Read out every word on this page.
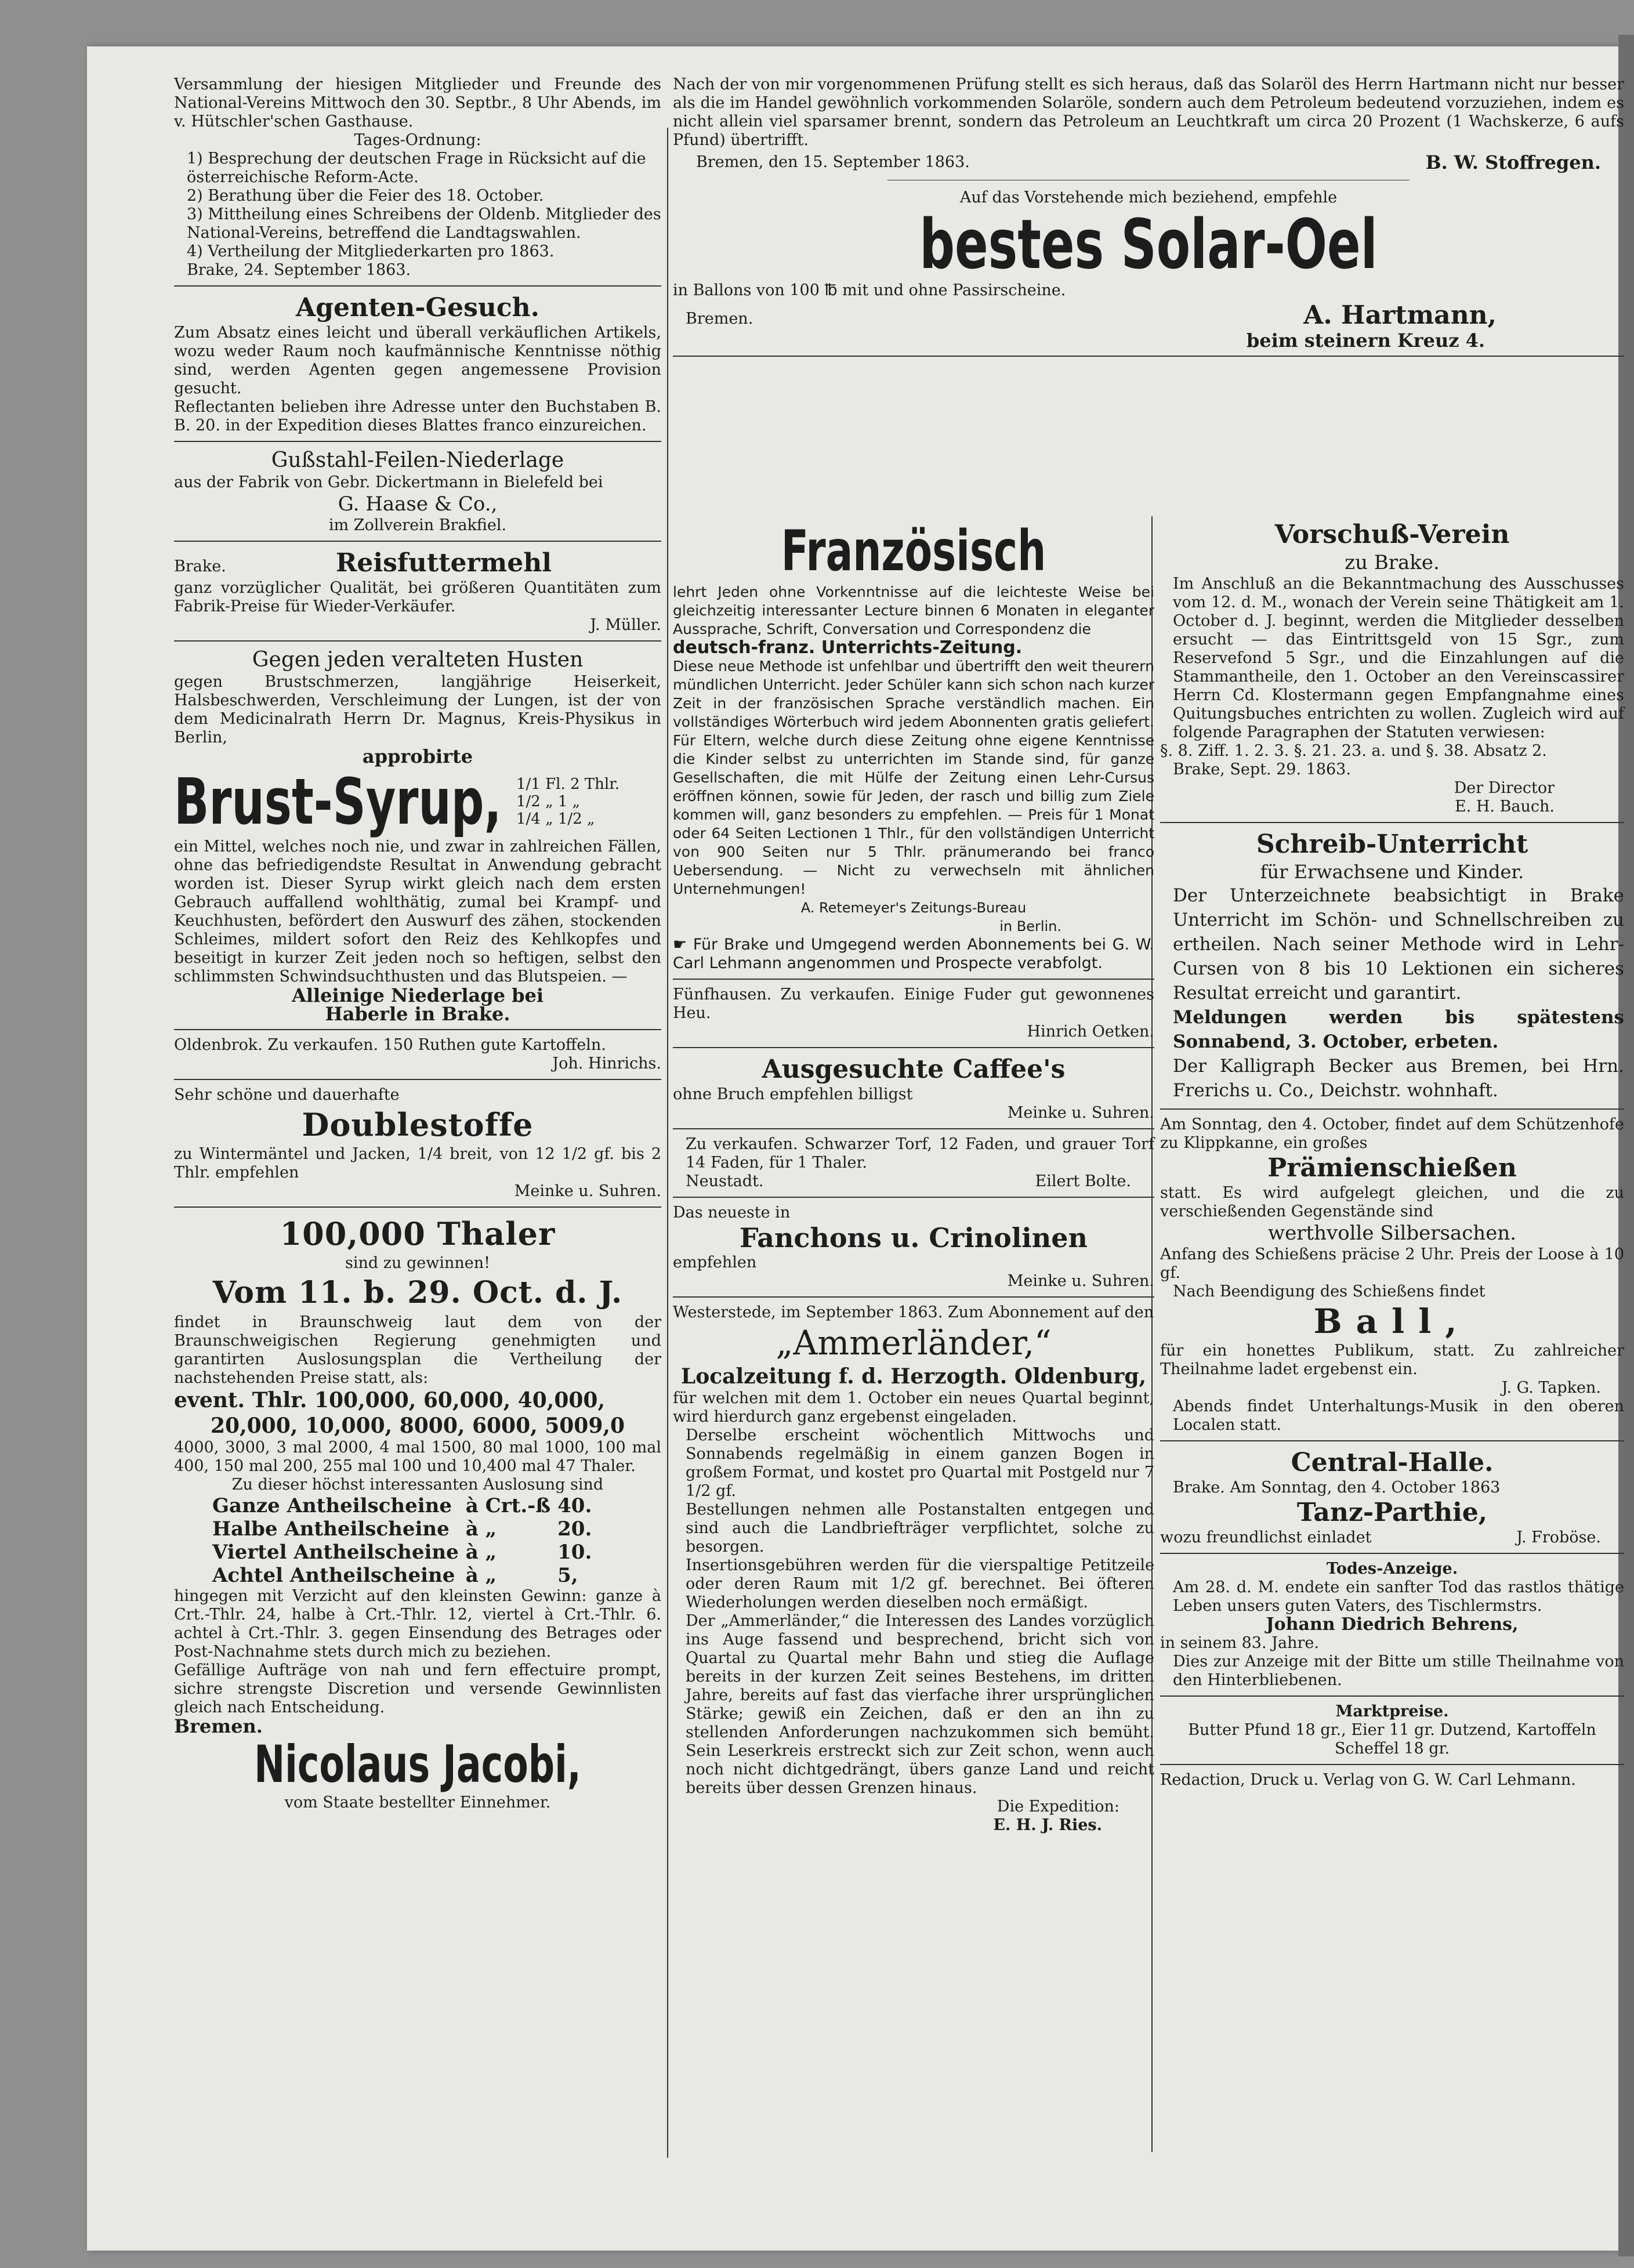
Versammlung der hiesigen Mitglieder und Freunde des National-Vereins Mittwoch den 30. Septbr., 8 Uhr Abends, im v. Hütschler'schen Gasthause.

Tages-Ordnung:

1) Besprechung der deutschen Frage in Rücksicht auf die österreichische Reform-Acte.

2) Berathung über die Feier des 18. October.

3) Mittheilung eines Schreibens der Oldenb. Mitglieder des National-Vereins, betreffend die Landtagswahlen.

4) Vertheilung der Mitgliederkarten pro 1863.

Brake, 24. September 1863.

Agenten-Gesuch.

Zum Absatz eines leicht und überall verkäuflichen Artikels, wozu weder Raum noch kaufmännische Kenntnisse nöthig sind, werden Agenten gegen angemessene Provision gesucht.

Reflectanten belieben ihre Adresse unter den Buchstaben B. B. 20. in der Expedition dieses Blattes franco einzureichen.

Gußstahl-Feilen-Niederlage

aus der Fabrik von Gebr. Dickertmann in Bielefeld bei

G. Haase & Co.,

im Zollverein Brakfiel.

Brake.	Reisfuttermehl

ganz vorzüglicher Qualität, bei größeren Quantitäten zum Fabrik-Preise für Wieder-Verkäufer.

J. Müller.

Gegen jeden veralteten Husten

gegen Brustschmerzen, langjährige Heiserkeit, Halsbeschwerden, Verschleimung der Lungen, ist der von dem Medicinalrath Herrn Dr. Magnus, Kreis-Physikus in Berlin,

approbirte

Brust-Syrup, 1/1 Fl. 2 Thlr.
1/2 „ 1 „
1/4 „ 1/2 „

ein Mittel, welches noch nie, und zwar in zahlreichen Fällen, ohne das befriedigendste Resultat in Anwendung gebracht worden ist. Dieser Syrup wirkt gleich nach dem ersten Gebrauch auffallend wohlthätig, zumal bei Krampf- und Keuchhusten, befördert den Auswurf des zähen, stockenden Schleimes, mildert sofort den Reiz des Kehlkopfes und beseitigt in kurzer Zeit jeden noch so heftigen, selbst den schlimmsten Schwindsuchthusten und das Blutspeien. —

Alleinige Niederlage bei

Haberle in Brake.

Oldenbrok. Zu verkaufen. 150 Ruthen gute Kartoffeln.

Joh. Hinrichs.

Sehr schöne und dauerhafte

Doublestoffe

zu Wintermäntel und Jacken, 1/4 breit, von 12 1/2 gf. bis 2 Thlr. empfehlen

Meinke u. Suhren.

100,000 Thaler

sind zu gewinnen!

Vom 11. b. 29. Oct. d. J.

findet in Braunschweig laut dem von der Braunschweigischen Regierung genehmigten und garantirten Auslosungsplan die Vertheilung der nachstehenden Preise statt, als:

event. Thlr. 100,000, 60,000, 40,000,

20,000, 10,000, 8000, 6000, 5009,0

4000, 3000, 3 mal 2000, 4 mal 1500, 80 mal 1000, 100 mal 400, 150 mal 200, 255 mal 100 und 10,400 mal 47 Thaler.

Zu dieser höchst interessanten Auslosung sind

Ganze Antheilscheine	à Crt.-ß	40.
Halbe Antheilscheine	à „	20.
Viertel Antheilscheine	à „	10.
Achtel Antheilscheine	à „	5,

hingegen mit Verzicht auf den kleinsten Gewinn: ganze à Crt.-Thlr. 24, halbe à Crt.-Thlr. 12, viertel à Crt.-Thlr. 6. achtel à Crt.-Thlr. 3. gegen Einsendung des Betrages oder Post-Nachnahme stets durch mich zu beziehen.

Gefällige Aufträge von nah und fern effectuire prompt, sichre strengste Discretion und versende Gewinnlisten gleich nach Entscheidung.

Bremen.

Nicolaus Jacobi,

vom Staate bestellter Einnehmer.

Nach der von mir vorgenommenen Prüfung stellt es sich heraus, daß das Solaröl des Herrn Hartmann nicht nur besser als die im Handel gewöhnlich vorkommenden Solaröle, sondern auch dem Petroleum bedeutend vorzuziehen, indem es nicht allein viel sparsamer brennt, sondern das Petroleum an Leuchtkraft um circa 20 Prozent (1 Wachskerze, 6 aufs Pfund) übertrifft.

Bremen, den 15. September 1863.	B. W. Stoffregen.

Auf das Vorstehende mich beziehend, empfehle

bestes Solar-Oel

in Ballons von 100 ℔ mit und ohne Passirscheine.

Bremen.	A. Hartmann,

beim steinern Kreuz 4.

Französisch

lehrt Jeden ohne Vorkenntnisse auf die leichteste Weise bei gleichzeitig interessanter Lecture binnen 6 Monaten in eleganter Aussprache, Schrift, Conversation und Correspondenz die

deutsch-franz. Unterrichts-Zeitung.

Diese neue Methode ist unfehlbar und übertrifft den weit theurern mündlichen Unterricht. Jeder Schüler kann sich schon nach kurzer Zeit in der französischen Sprache verständlich machen. Ein vollständiges Wörterbuch wird jedem Abonnenten gratis geliefert. Für Eltern, welche durch diese Zeitung ohne eigene Kenntnisse die Kinder selbst zu unterrichten im Stande sind, für ganze Gesellschaften, die mit Hülfe der Zeitung einen Lehr-Cursus eröffnen können, sowie für Jeden, der rasch und billig zum Ziele kommen will, ganz besonders zu empfehlen. — Preis für 1 Monat oder 64 Seiten Lectionen 1 Thlr., für den vollständigen Unterricht von 900 Seiten nur 5 Thlr. pränumerando bei franco Uebersendung. — Nicht zu verwechseln mit ähnlichen Unternehmungen!

A. Retemeyer's Zeitungs-Bureau

in Berlin.

☛ Für Brake und Umgegend werden Abonnements bei G. W. Carl Lehmann angenommen und Prospecte verabfolgt.

Fünfhausen. Zu verkaufen. Einige Fuder gut gewonnenes Heu.

Hinrich Oetken.

Ausgesuchte Caffee's

ohne Bruch empfehlen billigst

Meinke u. Suhren.

Zu verkaufen. Schwarzer Torf, 12 Faden, und grauer Torf 14 Faden, für 1 Thaler.

Neustadt.	Eilert Bolte.

Das neueste in

Fanchons u. Crinolinen

empfehlen

Meinke u. Suhren.

Westerstede, im September 1863. Zum Abonnement auf den

„Ammerländer,“

Localzeitung f. d. Herzogth. Oldenburg,

für welchen mit dem 1. October ein neues Quartal beginnt, wird hierdurch ganz ergebenst eingeladen.

Derselbe erscheint wöchentlich Mittwochs und Sonnabends regelmäßig in einem ganzen Bogen in großem Format, und kostet pro Quartal mit Postgeld nur 7 1/2 gf.

Bestellungen nehmen alle Postanstalten entgegen und sind auch die Landbriefträger verpflichtet, solche zu besorgen.

Insertionsgebühren werden für die vierspaltige Petitzeile oder deren Raum mit 1/2 gf. berechnet. Bei öfteren Wiederholungen werden dieselben noch ermäßigt.

Der „Ammerländer,“ die Interessen des Landes vorzüglich ins Auge fassend und besprechend, bricht sich von Quartal zu Quartal mehr Bahn und stieg die Auflage bereits in der kurzen Zeit seines Bestehens, im dritten Jahre, bereits auf fast das vierfache ihrer ursprünglichen Stärke; gewiß ein Zeichen, daß er den an ihn zu stellenden Anforderungen nachzukommen sich bemüht. Sein Leserkreis erstreckt sich zur Zeit schon, wenn auch noch nicht dichtgedrängt, übers ganze Land und reicht bereits über dessen Grenzen hinaus.

Die Expedition:

E. H. J. Ries.

Vorschuß-Verein

zu Brake.

Im Anschluß an die Bekanntmachung des Ausschusses vom 12. d. M., wonach der Verein seine Thätigkeit am 1. October d. J. beginnt, werden die Mitglieder desselben ersucht — das Eintrittsgeld von 15 Sgr., zum Reservefond 5 Sgr., und die Einzahlungen auf die Stammantheile, den 1. October an den Vereinscassirer Herrn Cd. Klostermann gegen Empfangnahme eines Quitungsbuches entrichten zu wollen. Zugleich wird auf folgende Paragraphen der Statuten verwiesen:

§. 8. Ziff. 1. 2. 3. §. 21. 23. a. und §. 38. Absatz 2.

Brake, Sept. 29. 1863.

Der Director

E. H. Bauch.

Schreib-Unterricht

für Erwachsene und Kinder.

Der Unterzeichnete beabsichtigt in Brake Unterricht im Schön- und Schnellschreiben zu ertheilen. Nach seiner Methode wird in Lehr-Cursen von 8 bis 10 Lektionen ein sicheres Resultat erreicht und garantirt.

Meldungen werden bis spätestens Sonnabend, 3. October, erbeten.

Der Kalligraph Becker aus Bremen, bei Hrn. Frerichs u. Co., Deichstr. wohnhaft.

Am Sonntag, den 4. October, findet auf dem Schützenhofe zu Klippkanne, ein großes

Prämienschießen

statt. Es wird aufgelegt gleichen, und die zu verschießenden Gegenstände sind

werthvolle Silbersachen.

Anfang des Schießens präcise 2 Uhr. Preis der Loose à 10 gf.

Nach Beendigung des Schießens findet

Ball,

für ein honettes Publikum, statt. Zu zahlreicher Theilnahme ladet ergebenst ein.

J. G. Tapken.

Abends findet Unterhaltungs-Musik in den oberen Localen statt.

Central-Halle.

Brake. Am Sonntag, den 4. October 1863

Tanz-Parthie,

wozu freundlichst einladet	J. Froböse.

Todes-Anzeige.

Am 28. d. M. endete ein sanfter Tod das rastlos thätige Leben unsers guten Vaters, des Tischlermstrs.

Johann Diedrich Behrens,

in seinem 83. Jahre.

Dies zur Anzeige mit der Bitte um stille Theilnahme von den Hinterbliebenen.

Marktpreise.

Butter Pfund 18 gr., Eier 11 gr. Dutzend, Kartoffeln Scheffel 18 gr.

Redaction, Druck u. Verlag von G. W. Carl Lehmann.
